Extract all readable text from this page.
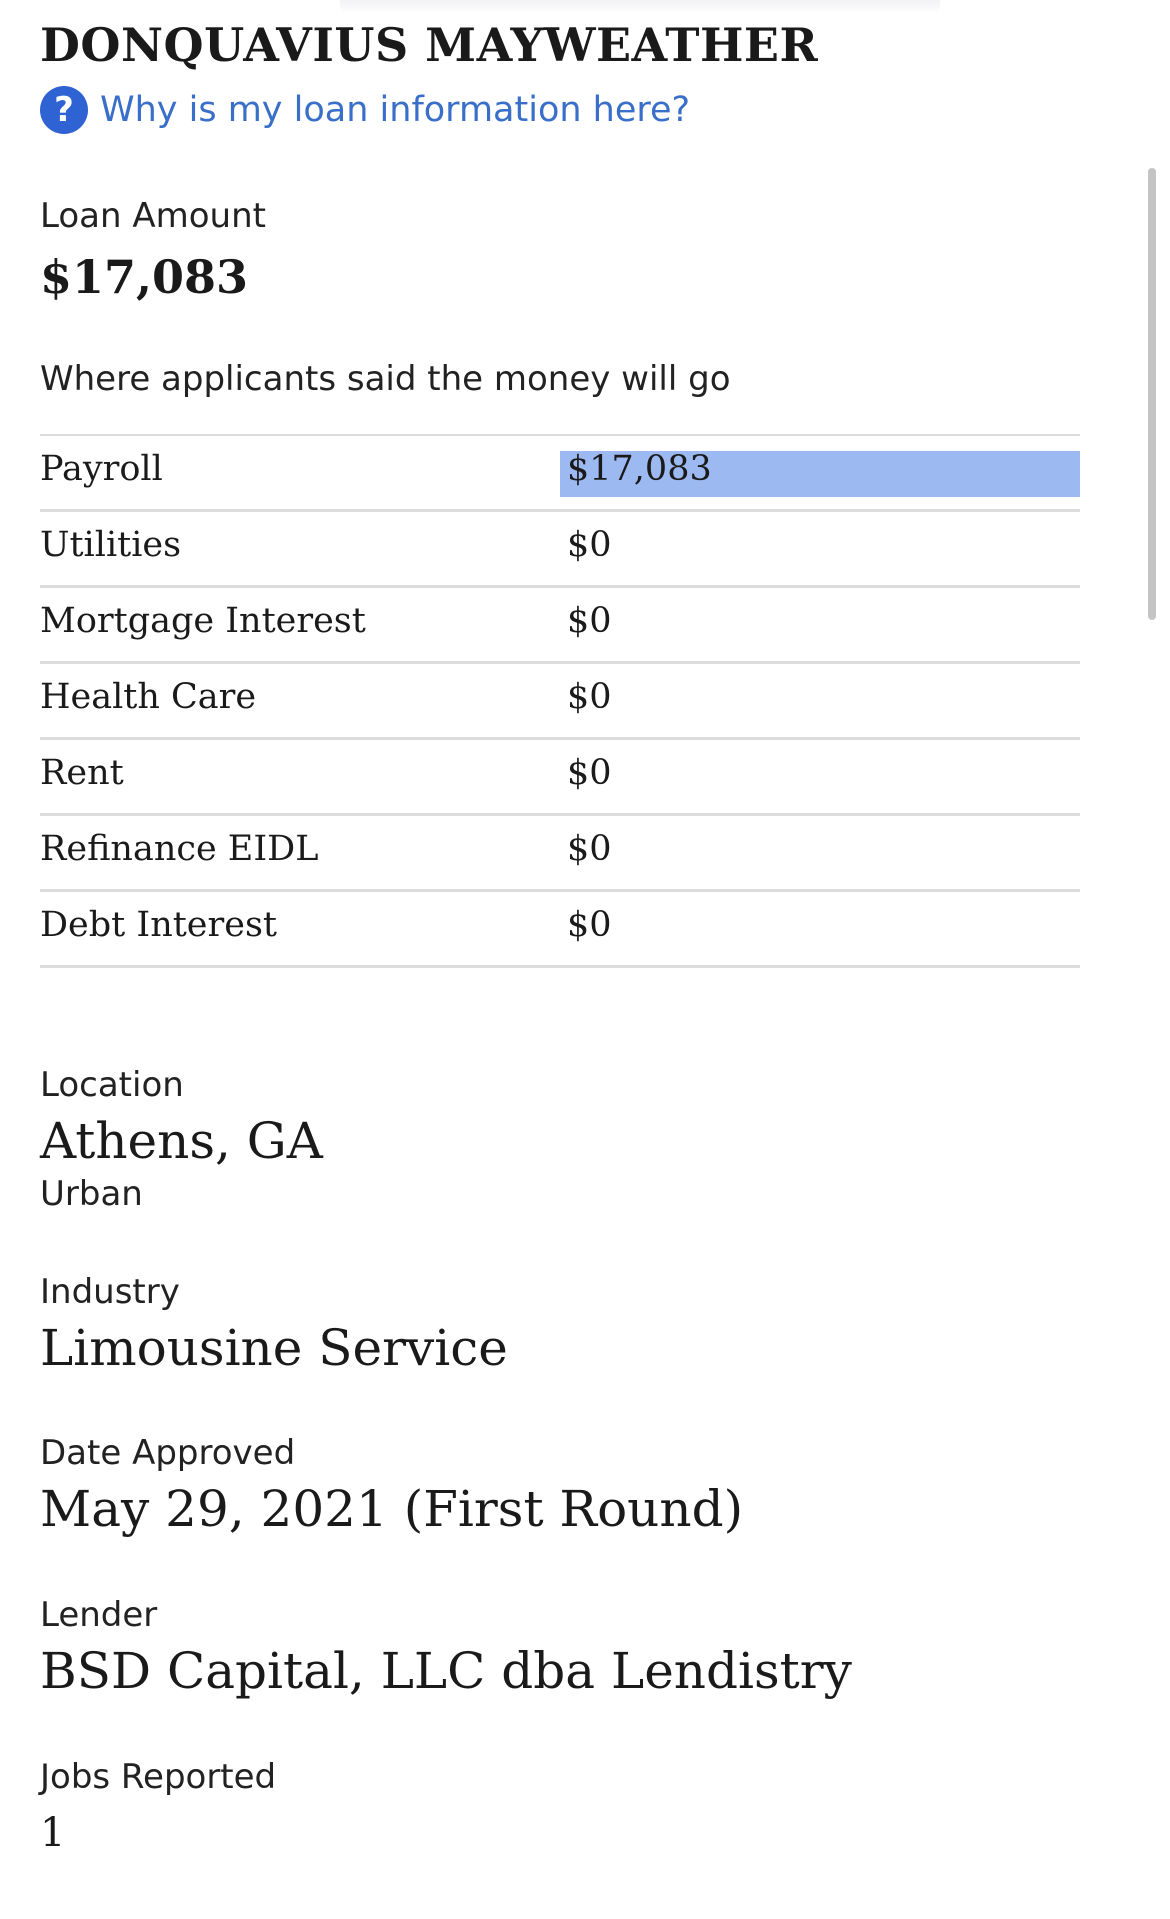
DONQUAVIUS MAYWEATHER
? Why is my loan information here?
Loan Amount
$17,083
Where applicants said the money will go
Payroll	$17,083
Utilities	$0
Mortgage Interest	$0
Health Care	$0
Rent	$0
Refinance EIDL	$0
Debt Interest	$0
Location
Athens, GA
Urban
Industry
Limousine Service
Date Approved
May 29, 2021 (First Round)
Lender
BSD Capital, LLC dba Lendistry
Jobs Reported
1
